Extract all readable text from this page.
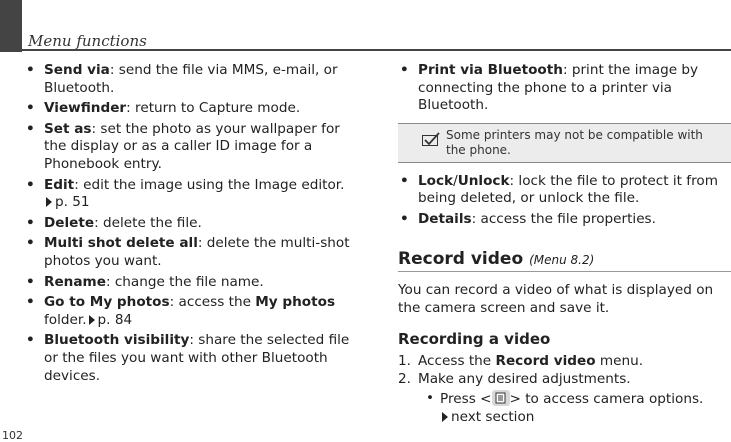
Menu functions
102
• Send via: send the file via MMS, e-mail, or Bluetooth.
• Viewfinder: return to Capture mode.
• Set as: set the photo as your wallpaper for the display or as a caller ID image for a Phonebook entry.
• Edit: edit the image using the Image editor.
p. 51
• Delete: delete the file.
• Multi shot delete all: delete the multi-shot photos you want.
• Rename: change the file name.
• Go to My photos: access the My photos
folder. p. 84
• Bluetooth visibility: share the selected file or the files you want with other Bluetooth devices.
• Print via Bluetooth: print the image by connecting the phone to a printer via Bluetooth.
Some printers may not be compatible with the phone.
• Lock/Unlock: lock the file to protect it from being deleted, or unlock the file.
• Details: access the file properties.
Record video (Menu 8.2)
You can record a video of what is displayed on the camera screen and save it.
Recording a video
1. Access the Record video menu.
2. Make any desired adjustments.
• Press < > to access camera options.
next section
